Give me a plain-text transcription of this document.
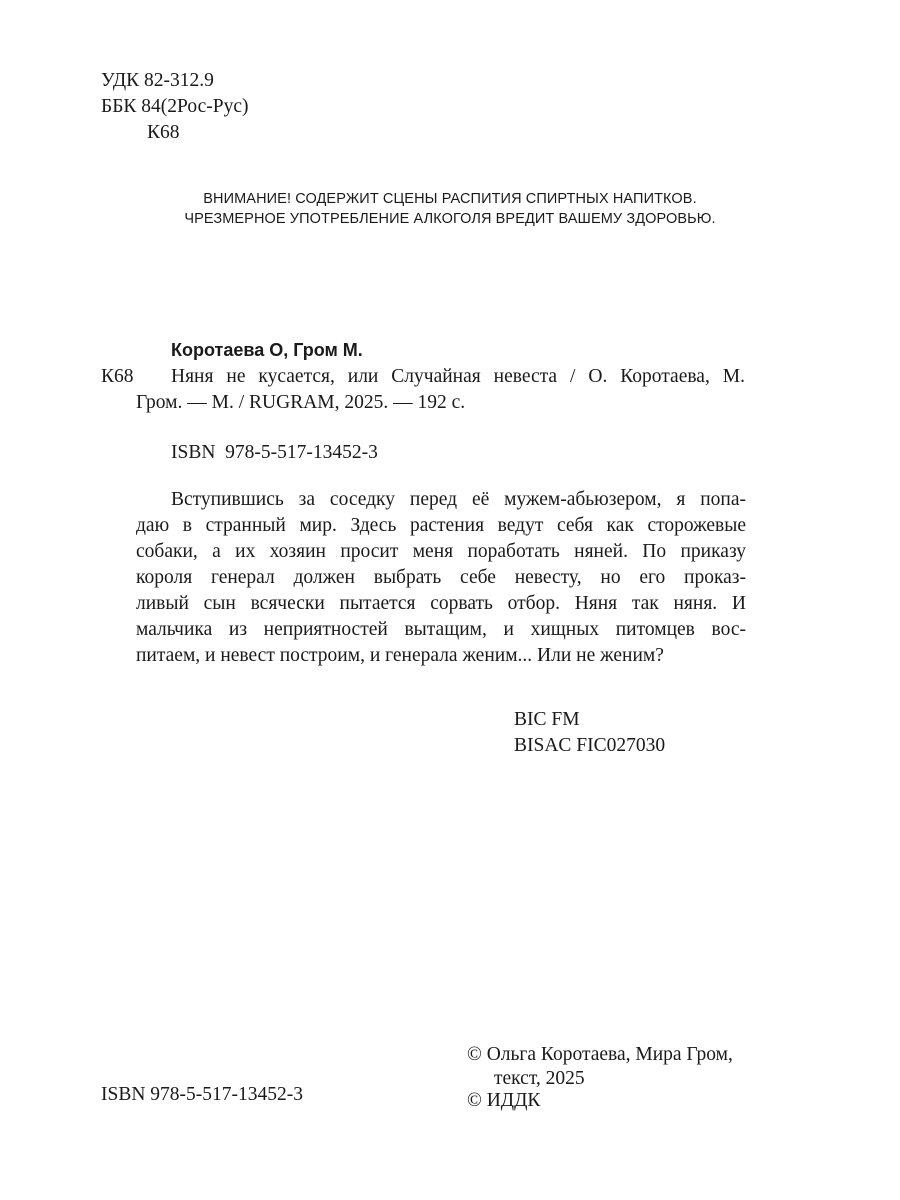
УДК 82-312.9

ББК 84(2Рос-Рус)

К68

ВНИМАНИЕ! СОДЕРЖИТ СЦЕНЫ РАСПИТИЯ СПИРТНЫХ НАПИТКОВ.

ЧРЕЗМЕРНОЕ УПОТРЕБЛЕНИЕ АЛКОГОЛЯ ВРЕДИТ ВАШЕМУ ЗДОРОВЬЮ.

Коротаева О, Гром М.

К68 Няня не кусается, или Случайная невеста / О. Коротаева, М.

Гром. — М. / RUGRAM, 2025. — 192 с.

ISBN  978-5-517-13452-3

Вступившись за соседку перед её мужем-абьюзером, я попа-
даю в странный мир. Здесь растения ведут себя как сторожевые
собаки, а их хозяин просит меня поработать няней. По приказу
короля генерал должен выбрать себе невесту, но его проказ-
ливый сын всячески пытается сорвать отбор. Няня так няня. И
мальчика из неприятностей вытащим, и хищных питомцев вос-
питаем, и невест построим, и генерала женим... Или не женим?

BIC FM

BISAC FIC027030

ISBN 978-5-517-13452-3

© Ольга Коротаева, Мира Гром,

текст, 2025

© ИДДК
